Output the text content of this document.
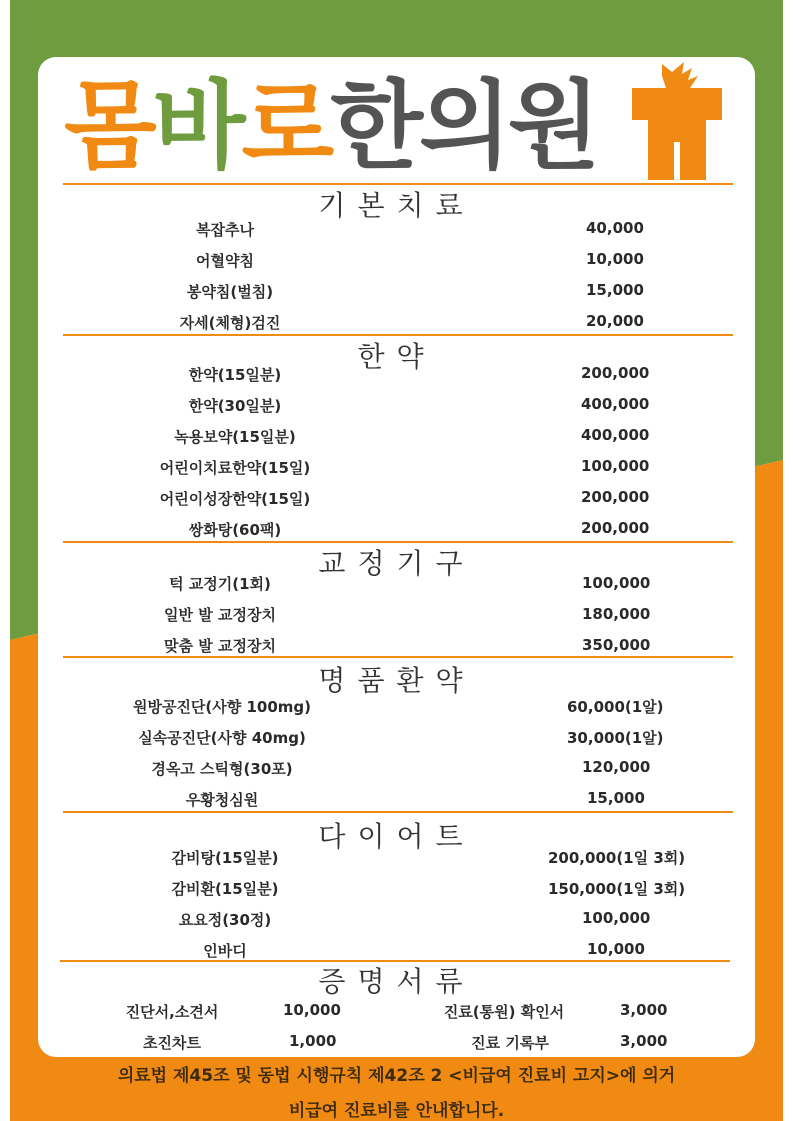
몸 바 로 한의원
기본치료
복잡추나	40,000
어혈약침	10,000
봉약침(벌침)	15,000
자세(체형)검진	20,000
한약
한약(15일분)	200,000
한약(30일분)	400,000
녹용보약(15일분)	400,000
어린이치료한약(15일)	100,000
어린이성장한약(15일)	200,000
쌍화탕(60팩)	200,000
교정기구
턱 교정기(1회)	100,000
일반 발 교정장치	180,000
맞춤 발 교정장치	350,000
명품환약
원방공진단(사향 100mg)	60,000(1알)
실속공진단(사향 40mg)	30,000(1알)
경옥고 스틱형(30포)	120,000
우황청심원	15,000
다이어트
감비탕(15일분)	200,000(1일 3회)
감비환(15일분)	150,000(1일 3회)
요요정(30정)	100,000
인바디	10,000
증명서류
진단서,소견서	10,000	진료(통원) 확인서	3,000
초진차트	1,000	진료 기록부	3,000
의료법 제45조 및 동법 시행규칙 제42조 2 <비급여 진료비 고지>에 의거
비급여 진료비를 안내합니다.
